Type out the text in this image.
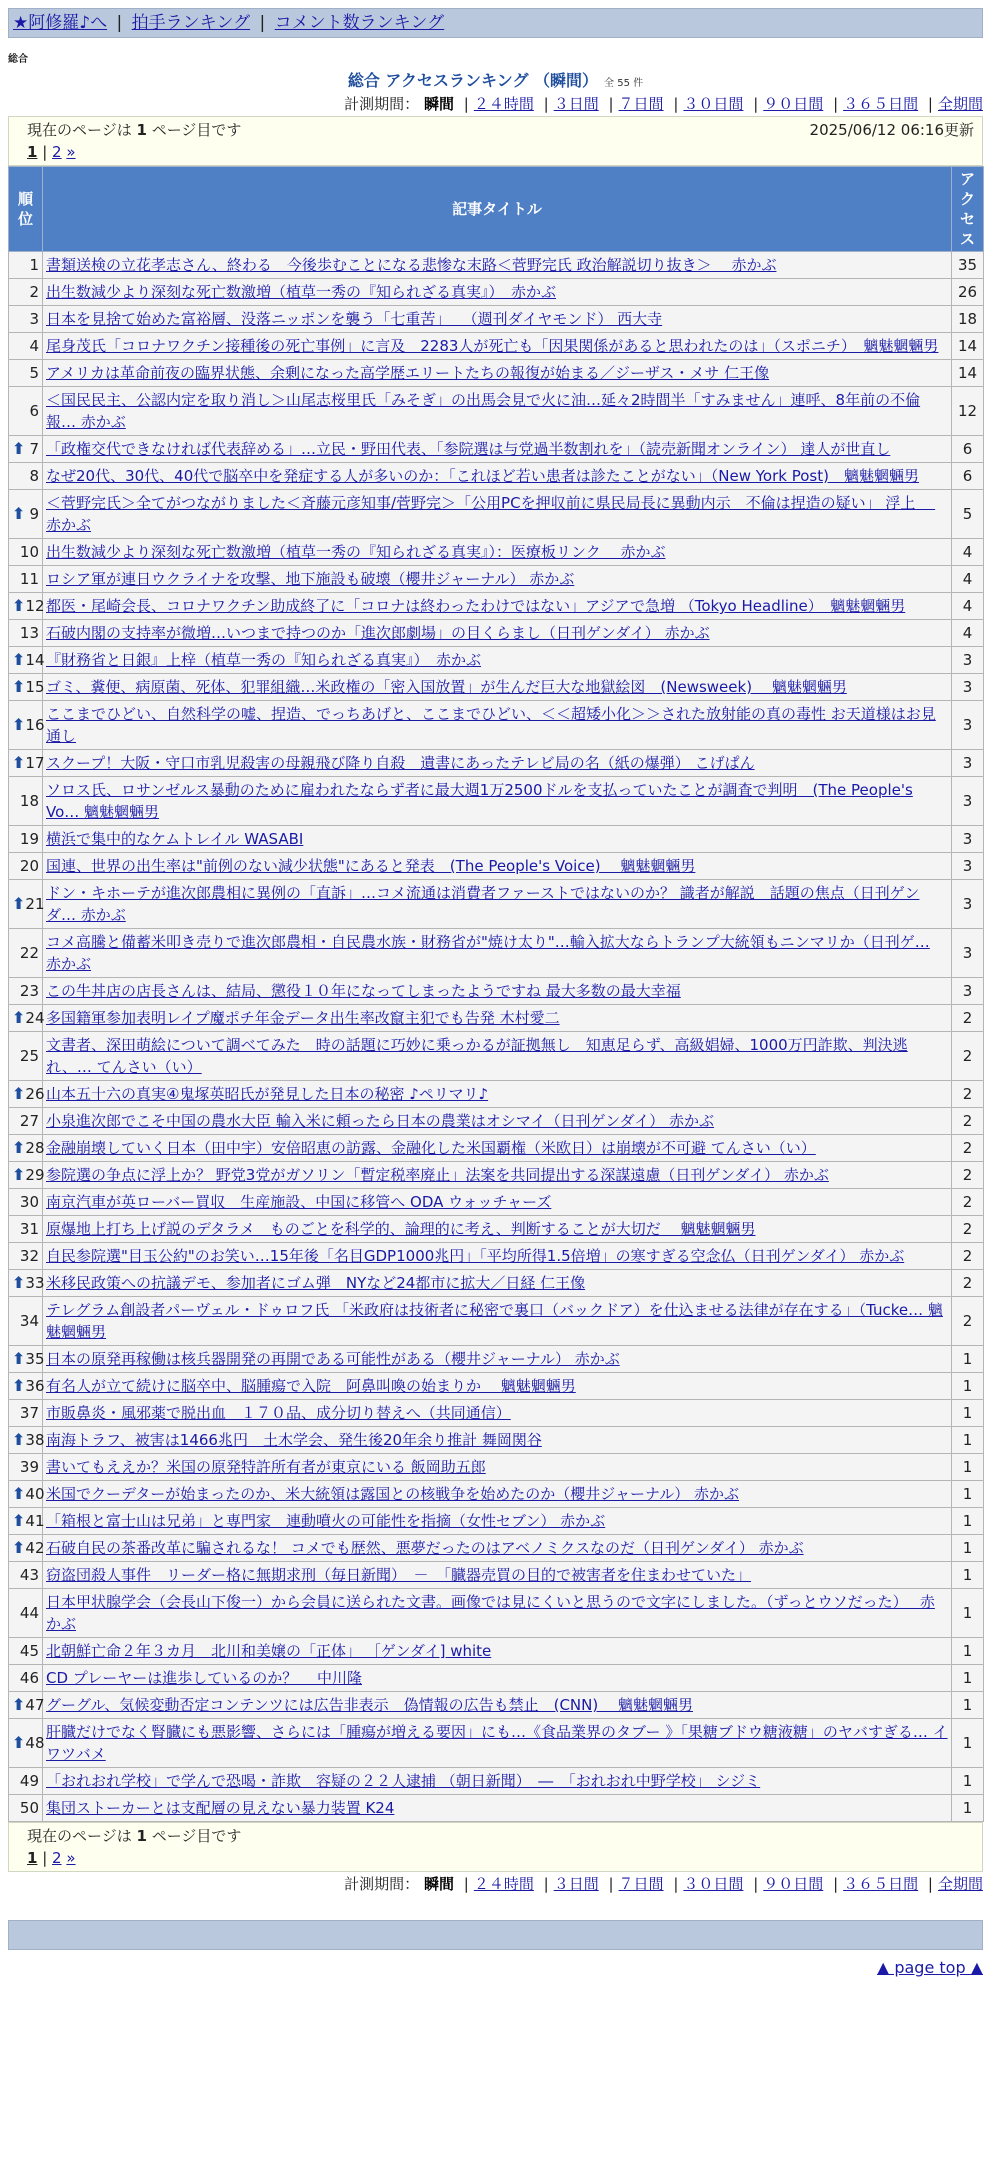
★阿修羅♪へ | 拍手ランキング | コメント数ランキング
総合
総合 アクセスランキング （瞬間） 全 55 件
計測期間： 瞬間 | ２４時間 | ３日間 | ７日間 | ３０日間 | ９０日間 | ３６５日間 | 全期間
現在のページは 1 ページ目です	2025/06/12 06:16更新
1 | 2 »
順位	記事タイトル	アクセス
1	書類送検の立花孝志さん、終わる　今後歩むことになる悲惨な末路＜菅野完氏 政治解説切り抜き＞　 赤かぶ	35
2	出生数減少より深刻な死亡数激増（植草一秀の『知られざる真実』）　赤かぶ	26
3	日本を見捨て始めた富裕層、没落ニッポンを襲う「七重苦」 　（週刊ダイヤモンド） 西大寺	18
4	尾身茂氏「コロナワクチン接種後の死亡事例」に言及　2283人が死亡も「因果関係があると思われたのは」（スポニチ）　魑魅魍魎男	14
5	アメリカは革命前夜の臨界状態、余剰になった高学歴エリートたちの報復が始まる／ジーザス・メサ 仁王像	14
6	＜国民民主、公認内定を取り消し＞山尾志桜里氏「みそぎ」の出馬会見で火に油…延々2時間半「すみません」連呼、8年前の不倫報… 赤かぶ	12

⬆ 7	「政権交代できなければ代表辞める」…立民・野田代表、「参院選は与党過半数割れを」（読売新聞オンライン） 達人が世直し	6
8	なぜ20代、30代、40代で脳卒中を発症する人が多いのか：「これほど若い患者は診たことがない」（New York Post)　魑魅魍魎男	6

⬆ 9	＜菅野完氏＞全てがつながりました＜斉藤元彦知事/菅野完＞「公用PCを押収前に県民局長に異動内示　不倫は捏造の疑い」 浮上　 赤かぶ	5
10	出生数減少より深刻な死亡数激増（植草一秀の『知られざる真実』）：医療板リンク　 赤かぶ	4
11	ロシア軍が連日ウクライナを攻撃、地下施設も破壊（櫻井ジャーナル） 赤かぶ	4

⬆ 12	都医・尾崎会長、コロナワクチン助成終了に「コロナは終わったわけではない」アジアで急増 （Tokyo Headline）　魑魅魍魎男	4
13	石破内閣の支持率が微増…いつまで持つのか「進次郎劇場」の目くらまし（日刊ゲンダイ） 赤かぶ	4

⬆ 14	『財務省と日銀』上梓（植草一秀の『知られざる真実』）　赤かぶ	3

⬆ 15	ゴミ、糞便、病原菌、死体、犯罪組織…米政権の「密入国放置」が生んだ巨大な地獄絵図　(Newsweek)　 魑魅魍魎男	3

⬆ 16	ここまでひどい、自然科学の嘘、捏造、でっちあげと、ここまでひどい、＜＜超矮小化＞＞された放射能の真の毒性 お天道様はお見通し	3

⬆ 17	スクープ！大阪・守口市乳児殺害の母親飛び降り自殺　遺書にあったテレビ局の名（紙の爆弾） こげぱん	3
18	ソロス氏、ロサンゼルス暴動のために雇われたならず者に最大週1万2500ドルを支払っていたことが調査で判明　(The People's Vo… 魑魅魍魎男	3
19	横浜で集中的なケムトレイル WASABI	3
20	国連、世界の出生率は"前例のない減少状態"にあると発表　(The People's Voice)　 魑魅魍魎男	3

⬆ 21	ドン・キホーテが進次郎農相に異例の「直訴」…コメ流通は消費者ファーストではないのか？ 識者が解説　話題の焦点（日刊ゲンダ… 赤かぶ	3
22	コメ高騰と備蓄米叩き売りで進次郎農相・自民農水族・財務省が"焼け太り"…輸入拡大ならトランプ大統領もニンマリか（日刊ゲ… 赤かぶ	3
23	この牛丼店の店長さんは、結局、懲役１０年になってしまったようですね 最大多数の最大幸福	3

⬆ 24	多国籍軍参加表明レイプ魔ポチ年金データ出生率改竄主犯でも告発 木村愛二	2
25	文書者、深田萌絵について調べてみた　時の話題に巧妙に乗っかるが証拠無し　知恵足らず、高級娼婦、1000万円詐欺、判決逃れ、… てんさい（い）	2

⬆ 26	山本五十六の真実④鬼塚英昭氏が発見した日本の秘密 ♪ペリマリ♪	2
27	小泉進次郎でこそ中国の農水大臣 輸入米に頼ったら日本の農業はオシマイ（日刊ゲンダイ） 赤かぶ	2

⬆ 28	金融崩壊していく日本（田中宇）安倍昭恵の訪露、金融化した米国覇権（米欧日）は崩壊が不可避 てんさい（い）	2

⬆ 29	参院選の争点に浮上か？ 野党3党がガソリン「暫定税率廃止」法案を共同提出する深謀遠慮（日刊ゲンダイ） 赤かぶ	2
30	南京汽車が英ローバー買収　生産施設、中国に移管へ ODA ウォッチャーズ	2
31	原爆地上打ち上げ説のデタラメ　ものごとを科学的、論理的に考え、判断することが大切だ　 魑魅魍魎男	2
32	自民参院選"目玉公約"のお笑い…15年後「名目GDP1000兆円」「平均所得1.5倍増」の寒すぎる空念仏（日刊ゲンダイ） 赤かぶ	2

⬆ 33	米移民政策への抗議デモ、参加者にゴム弾　NYなど24都市に拡大／日経 仁王像	2
34	テレグラム創設者パーヴェル・ドゥロフ氏 「米政府は技術者に秘密で裏口（バックドア）を仕込ませる法律が存在する」（Tucke… 魑魅魍魎男	2

⬆ 35	日本の原発再稼働は核兵器開発の再開である可能性がある（櫻井ジャーナル） 赤かぶ	1

⬆ 36	有名人が立て続けに脳卒中、脳腫瘍で入院　阿鼻叫喚の始まりか　 魑魅魍魎男	1
37	市販鼻炎・風邪薬で脱出血　１７０品、成分切り替えへ（共同通信）	1

⬆ 38	南海トラフ、被害は1466兆円　土木学会、発生後20年余り推計 舞岡関谷	1
39	書いてもええか？米国の原発特許所有者が東京にいる 飯岡助五郎	1

⬆ 40	米国でクーデターが始まったのか、米大統領は露国との核戦争を始めたのか（櫻井ジャーナル） 赤かぶ	1

⬆ 41	「箱根と富士山は兄弟」と専門家　連動噴火の可能性を指摘（女性セブン） 赤かぶ	1

⬆ 42	石破自民の茶番改革に騙されるな！ コメでも歴然、悪夢だったのはアベノミクスなのだ（日刊ゲンダイ） 赤かぶ	1
43	窃盗団殺人事件　リーダー格に無期求刑（毎日新聞）　－　「臓器売買の目的で被害者を住まわせていた」	1
44	日本甲状腺学会（会長山下俊一）から会員に送られた文書。画像では見にくいと思うので文字にしました。（ずっとウソだった）　 赤かぶ	1
45	北朝鮮亡命２年３カ月　北川和美嬢の「正体」 ［ゲンダイ] white	1
46	CD プレーヤーは進歩しているのか？　 中川隆	1

⬆ 47	グーグル、気候変動否定コンテンツには広告非表示　偽情報の広告も禁止　(CNN)　 魑魅魍魎男	1

⬆ 48	肝臓だけでなく腎臓にも悪影響、さらには「腫瘍が増える要因」にも…《食品業界のタブー 》「果糖ブドウ糖液糖」のヤバすぎる… イワツバメ	1
49	「おれおれ学校」で学んで恐喝・詐欺　容疑の２２人逮捕 （朝日新聞）　―　「おれおれ中野学校」 シジミ	1
50	集団ストーカーとは支配層の見えない暴力装置 K24	1
現在のページは 1 ページ目です
1 | 2 »
計測期間： 瞬間 | ２４時間 | ３日間 | ７日間 | ３０日間 | ９０日間 | ３６５日間 | 全期間
▲ page top ▲
